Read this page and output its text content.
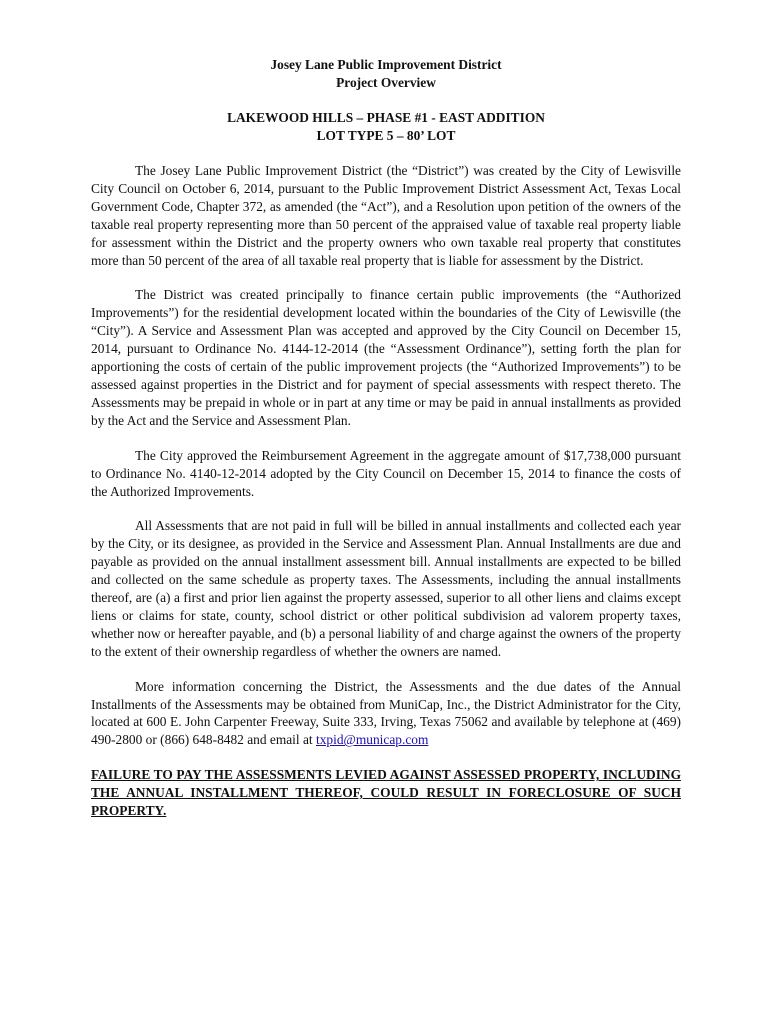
Josey Lane Public Improvement District

Project Overview

LAKEWOOD HILLS – PHASE #1 - EAST ADDITION

LOT TYPE 5 – 80’ LOT

The Josey Lane Public Improvement District (the “District”) was created by the City of Lewisville City Council on October 6, 2014, pursuant to the Public Improvement District Assessment Act, Texas Local Government Code, Chapter 372, as amended (the “Act”), and a Resolution upon petition of the owners of the taxable real property representing more than 50 percent of the appraised value of taxable real property liable for assessment within the District and the property owners who own taxable real property that constitutes more than 50 percent of the area of all taxable real property that is liable for assessment by the District.

The District was created principally to finance certain public improvements (the “Authorized Improvements”) for the residential development located within the boundaries of the City of Lewisville (the “City”). A Service and Assessment Plan was accepted and approved by the City Council on December 15, 2014, pursuant to Ordinance No. 4144-12-2014 (the “Assessment Ordinance”), setting forth the plan for apportioning the costs of certain of the public improvement projects (the “Authorized Improvements”) to be assessed against properties in the District and for payment of special assessments with respect thereto. The Assessments may be prepaid in whole or in part at any time or may be paid in annual installments as provided by the Act and the Service and Assessment Plan.

The City approved the Reimbursement Agreement in the aggregate amount of $17,738,000 pursuant to Ordinance No. 4140-12-2014 adopted by the City Council on December 15, 2014 to finance the costs of the Authorized Improvements.

All Assessments that are not paid in full will be billed in annual installments and collected each year by the City, or its designee, as provided in the Service and Assessment Plan. Annual Installments are due and payable as provided on the annual installment assessment bill. Annual installments are expected to be billed and collected on the same schedule as property taxes. The Assessments, including the annual installments thereof, are (a) a first and prior lien against the property assessed, superior to all other liens and claims except liens or claims for state, county, school district or other political subdivision ad valorem property taxes, whether now or hereafter payable, and (b) a personal liability of and charge against the owners of the property to the extent of their ownership regardless of whether the owners are named.

More information concerning the District, the Assessments and the due dates of the Annual Installments of the Assessments may be obtained from MuniCap, Inc., the District Administrator for the City, located at 600 E. John Carpenter Freeway, Suite 333, Irving, Texas 75062 and available by telephone at (469) 490-2800 or (866) 648-8482 and email at txpid@municap.com

FAILURE TO PAY THE ASSESSMENTS LEVIED AGAINST ASSESSED PROPERTY, INCLUDING THE ANNUAL INSTALLMENT THEREOF, COULD RESULT IN FORECLOSURE OF SUCH PROPERTY.
